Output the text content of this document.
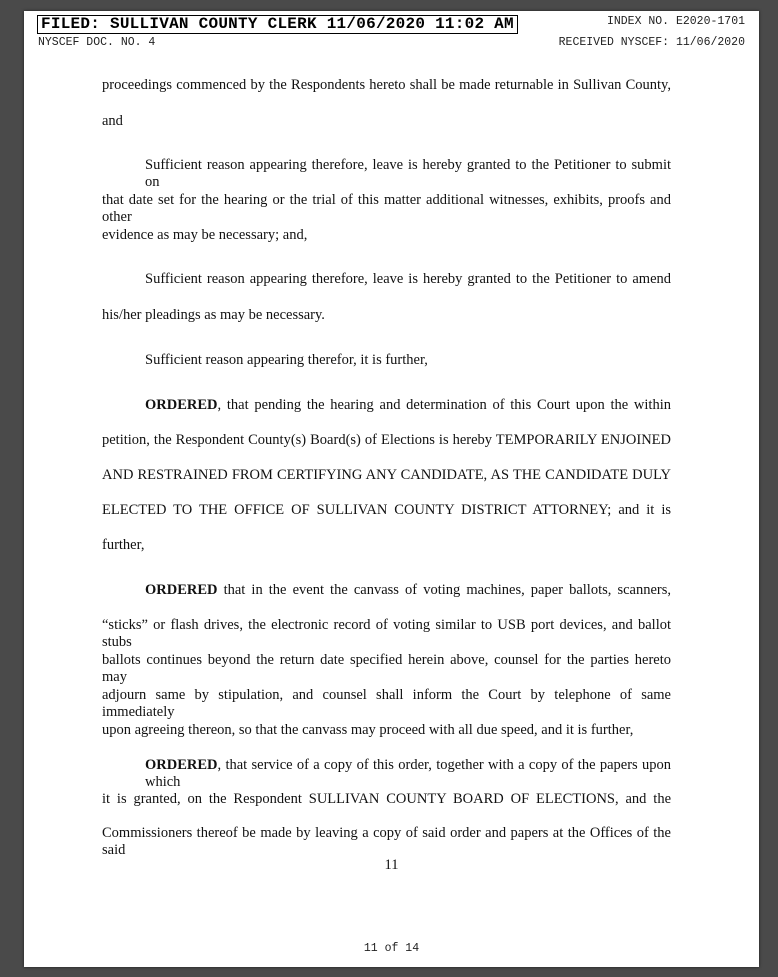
FILED: SULLIVAN COUNTY CLERK 11/06/2020 11:02 AM	INDEX NO. E2020-1701
NYSCEF DOC. NO. 4	RECEIVED NYSCEF: 11/06/2020
proceedings commenced by the Respondents hereto shall be made returnable in Sullivan County,
and
Sufficient reason appearing therefore, leave is hereby granted to the Petitioner to submit on
that date set for the hearing or the trial of this matter additional witnesses, exhibits, proofs and other
evidence as may be necessary; and,
Sufficient reason appearing therefore, leave is hereby granted to the Petitioner to amend
his/her pleadings as may be necessary.
Sufficient reason appearing therefor, it is further,
ORDERED, that pending the hearing and determination of this Court upon the within
petition, the Respondent County(s) Board(s) of Elections is hereby TEMPORARILY ENJOINED
AND RESTRAINED FROM CERTIFYING ANY CANDIDATE, AS THE CANDIDATE DULY
ELECTED TO THE OFFICE OF SULLIVAN COUNTY DISTRICT ATTORNEY; and it is
further,
ORDERED that in the event the canvass of voting machines, paper ballots, scanners,
“sticks” or flash drives, the electronic record of voting similar to USB port devices, and ballot stubs
ballots continues beyond the return date specified herein above, counsel for the parties hereto may
adjourn same by stipulation, and counsel shall inform the Court by telephone of same immediately
upon agreeing thereon, so that the canvass may proceed with all due speed, and it is further,
ORDERED, that service of a copy of this order, together with a copy of the papers upon which
it is granted, on the Respondent SULLIVAN COUNTY BOARD OF ELECTIONS, and the
Commissioners thereof be made by leaving a copy of said order and papers at the Offices of the said
11
11 of 14
